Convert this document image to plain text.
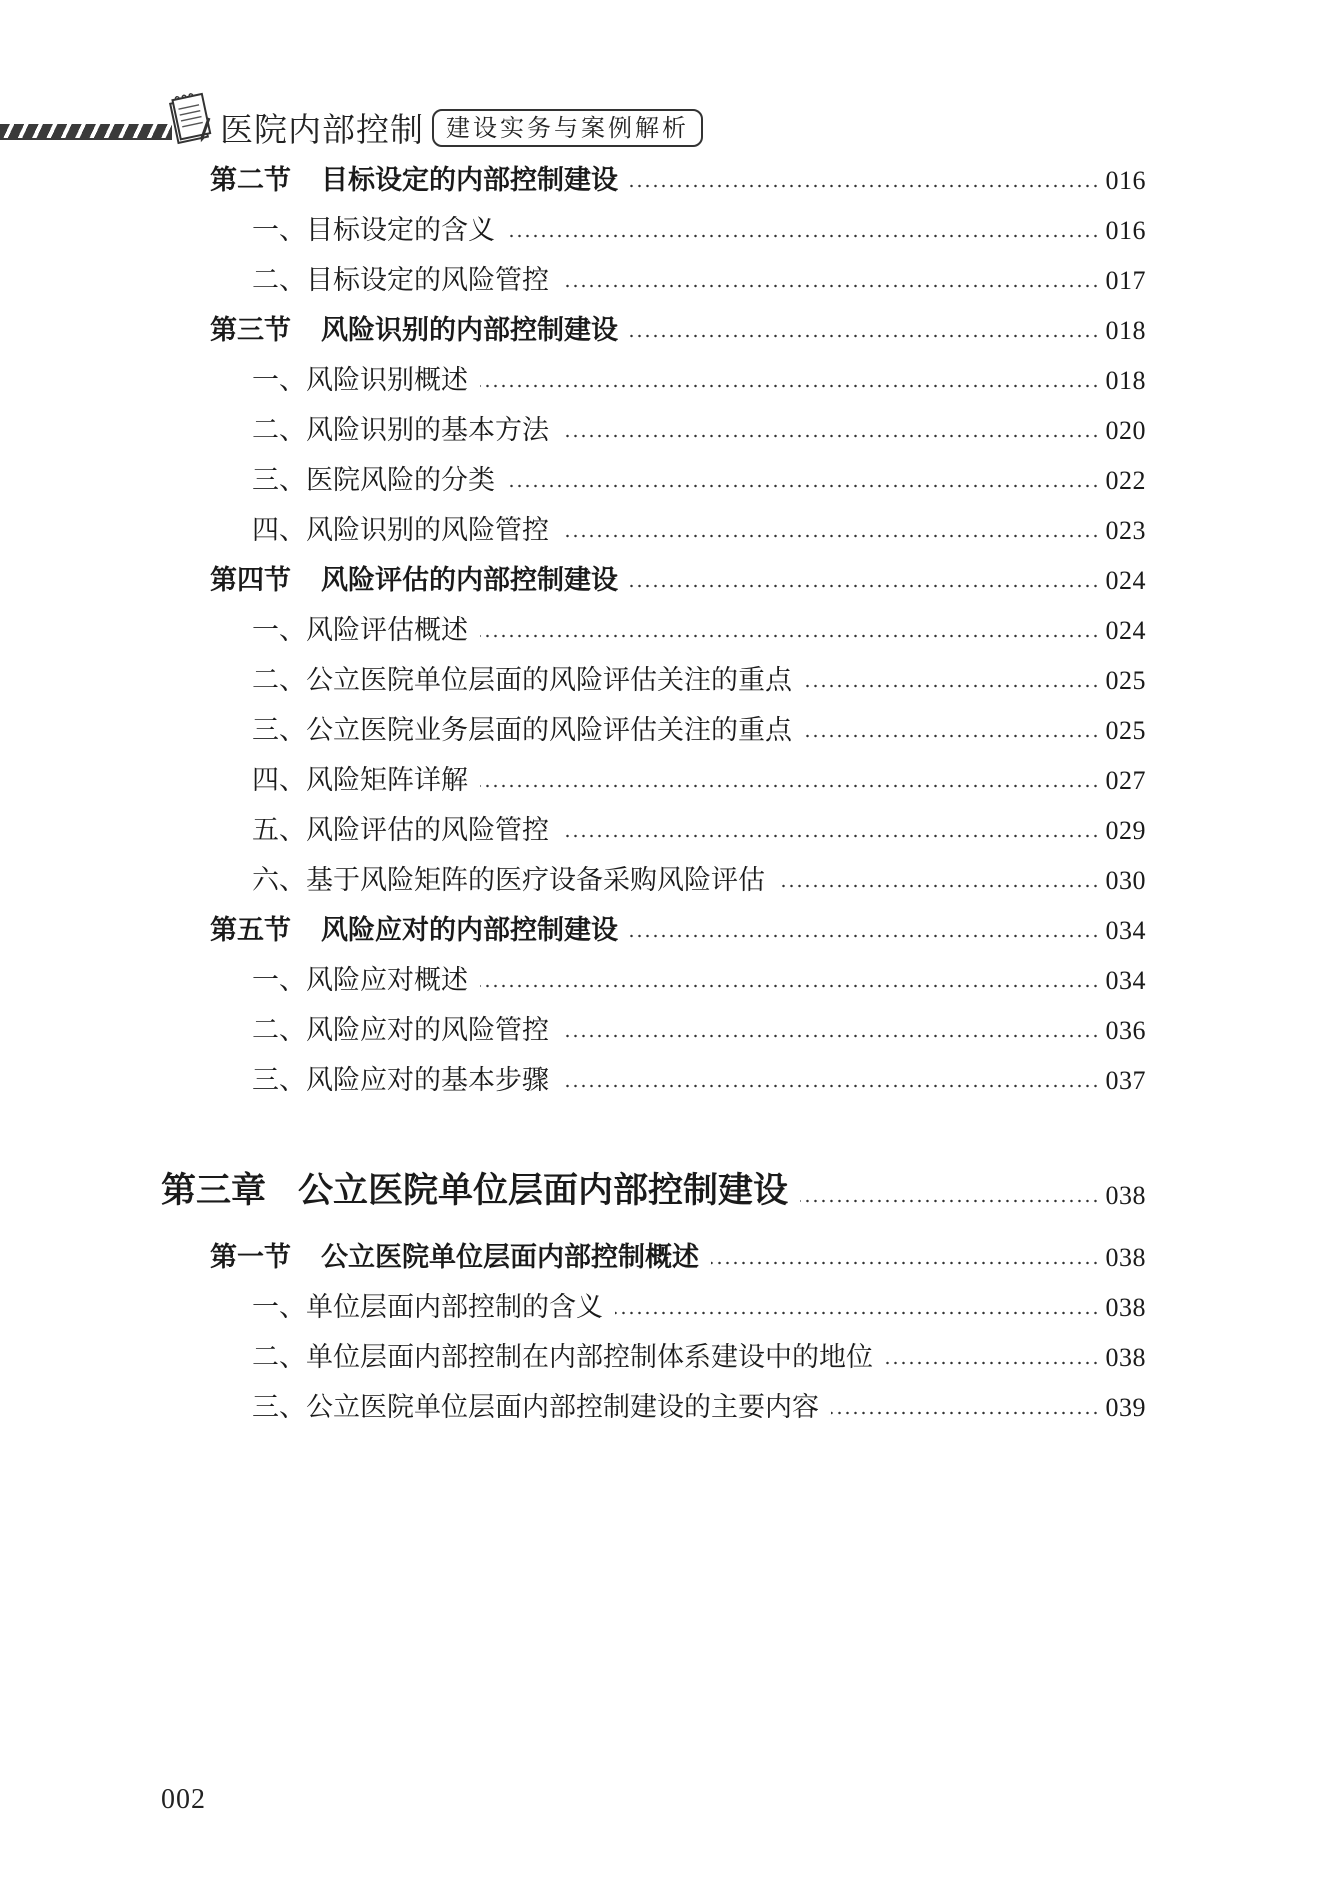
医院内部控制 建设实务与案例解析
第二节 目标设定的内部控制建设	016
一、目标设定的含义	016
二、目标设定的风险管控	017
第三节 风险识别的内部控制建设	018
一、风险识别概述	018
二、风险识别的基本方法	020
三、医院风险的分类	022
四、风险识别的风险管控	023
第四节 风险评估的内部控制建设	024
一、风险评估概述	024
二、公立医院单位层面的风险评估关注的重点	025
三、公立医院业务层面的风险评估关注的重点	025
四、风险矩阵详解	027
五、风险评估的风险管控	029
六、基于风险矩阵的医疗设备采购风险评估	030
第五节 风险应对的内部控制建设	034
一、风险应对概述	034
二、风险应对的风险管控	036
三、风险应对的基本步骤	037
第三章 公立医院单位层面内部控制建设	038
第一节 公立医院单位层面内部控制概述	038
一、单位层面内部控制的含义	038
二、单位层面内部控制在内部控制体系建设中的地位	038
三、公立医院单位层面内部控制建设的主要内容	039
002
